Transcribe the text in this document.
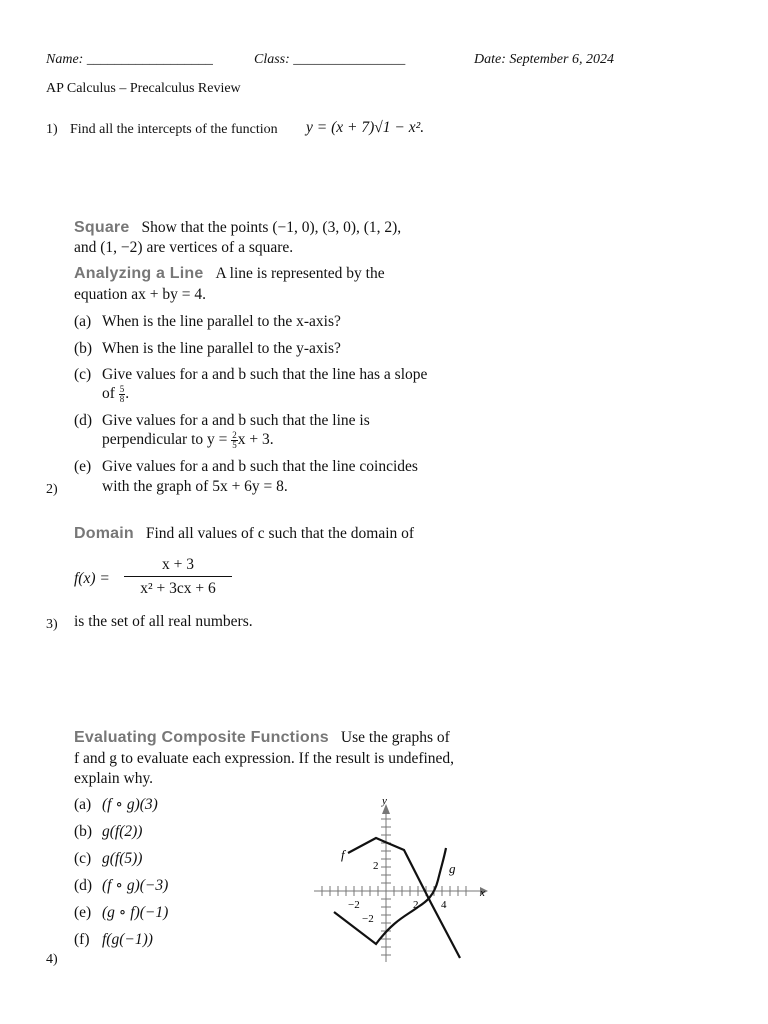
Name: __________________	Class: ________________	Date: September 6, 2024
AP Calculus – Precalculus Review
1) Find all the intercepts of the function y = (x + 7)√1 − x².
Square Show that the points (−1, 0), (3, 0), (1, 2),
and (1, −2) are vertices of a square.
Analyzing a Line A line is represented by the
equation ax + by = 4.
(a) When is the line parallel to the x-axis?
(b) When is the line parallel to the y-axis?
(c) Give values for a and b such that the line has a slope
of $\frac{5}{8}$ .
(d) Give values for a and b such that the line is
perpendicular to $y = \frac{2}{5}$ x + 3.
(e) Give values for a and b such that the line coincides
with the graph of 5x + 6y = 8.
2)
Domain Find all values of c such that the domain of
$f(x) = \frac{x + 3}{\text{x² + 3cx + 6}}$
is the set of all real numbers.
3)
Evaluating Composite Functions Use the graphs of
f and g to evaluate each expression. If the result is undefined,
explain why.
(a) (f ∘ g)(3)
(b) g(f(2))
(c) g(f(5))
(d) (f ∘ g)(−3)
(e) (g ∘ f)(−1)
(f) f(g(−1))
4)
y
x
f
g
2
−2
−2	2 4
